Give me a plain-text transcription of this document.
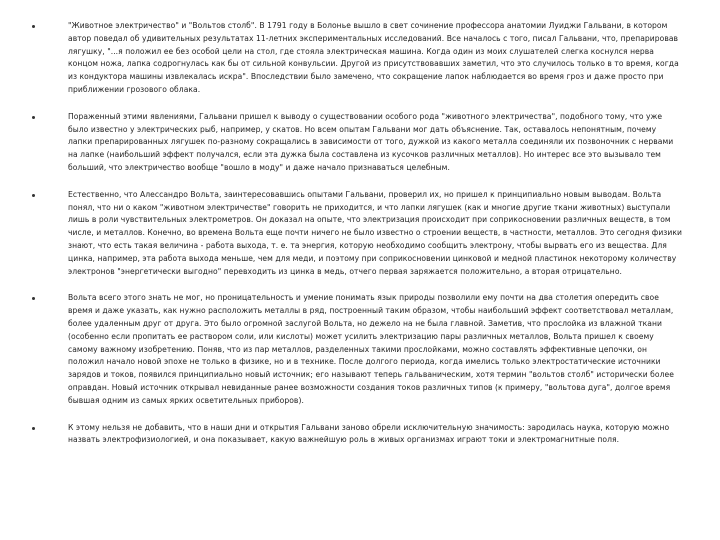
"Животное электричество" и "Вольтов столб". В 1791 году в Болонье вышло в свет сочинение профессора анатомии Луиджи Гальвани, в котором автор поведал об удивительных результатах 11-летних экспериментальных исследований. Все началось с того, писал Гальвани, что, препарировав лягушку, "...я положил ее без особой цели на стол, где стояла электрическая машина. Когда один из моих слушателей слегка коснулся нерва концом ножа, лапка содрогнулась как бы от сильной конвульсии. Другой из присутствовавших заметил, что это случилось только в то время, когда из кондуктора машины извлекалась искра". Впоследствии было замечено, что сокращение лапок наблюдается во время гроз и даже просто при приближении грозового облака.
Пораженный этими явлениями, Гальвани пришел к выводу о существовании особого рода "животного электричества", подобного тому, что уже было известно у электрических рыб, например, у скатов. Но всем опытам Гальвани мог дать объяснение. Так, оставалось непонятным, почему лапки препарированных лягушек по-разному сокращались в зависимости от того, дужкой из какого металла соединяли их позвоночник с нервами на лапке (наибольший эффект получался, если эта дужка была составлена из кусочков различных металлов). Но интерес все это вызывало тем больший, что электричество вообще "вошло в моду" и даже начало признаваться целебным.
Естественно, что Алессандро Вольта, заинтересовавшись опытами Гальвани, проверил их, но пришел к принципиально новым выводам. Вольта понял, что ни о каком "животном электричестве" говорить не приходится, и что лапки лягушек (как и многие другие ткани животных) выступали лишь в роли чувствительных электрометров. Он доказал на опыте, что электризация происходит при соприкосновении различных веществ, в том числе, и металлов. Конечно, во времена Вольта еще почти ничего не было известно о строении веществ, в частности, металлов. Это сегодня физики знают, что есть такая величина - работа выхода, т. е. та энергия, которую необходимо сообщить электрону, чтобы вырвать его из вещества. Для цинка, например, эта работа выхода меньше, чем для меди, и поэтому при соприкосновении цинковой и медной пластинок некоторому количеству электронов "энергетически выгодно" перевходить из цинка в медь, отчего первая заряжается положительно, а вторая отрицательно.
Вольта всего этого знать не мог, но проницательность и умение понимать язык природы позволили ему почти на два столетия опередить свое время и даже указать, как нужно расположить металлы в ряд, построенный таким образом, чтобы наибольший эффект соответствовал металлам, более удаленным друг от друга. Это было огромной заслугой Вольта, но дежело на не была главной. Заметив, что прослойка из влажной ткани (особенно если пропитать ее раствором соли, или кислоты) может усилить электризацию пары различных металлов, Вольта пришел к своему самому важному изобретению. Поняв, что из пар металлов, разделенных такими прослойками, можно составлять эффективные цепочки, он положил начало новой эпохе не только в физике, но и в технике. После долгого периода, когда имелись только электростатические источники зарядов и токов, появился принципиально новый источник; его называют теперь гальваническим, хотя термин "вольтов столб" исторически более оправдан. Новый источник открывал невиданные ранее возможности создания токов различных типов (к примеру, "вольтова дуга", долгое время бывшая одним из самых ярких осветительных приборов).
К этому нельзя не добавить, что в наши дни и открытия Гальвани заново обрели исключительную значимость: зародилась наука, которую можно назвать электрофизиологией, и она показывает, какую важнейшую роль в живых организмах играют токи и электромагнитные поля.
